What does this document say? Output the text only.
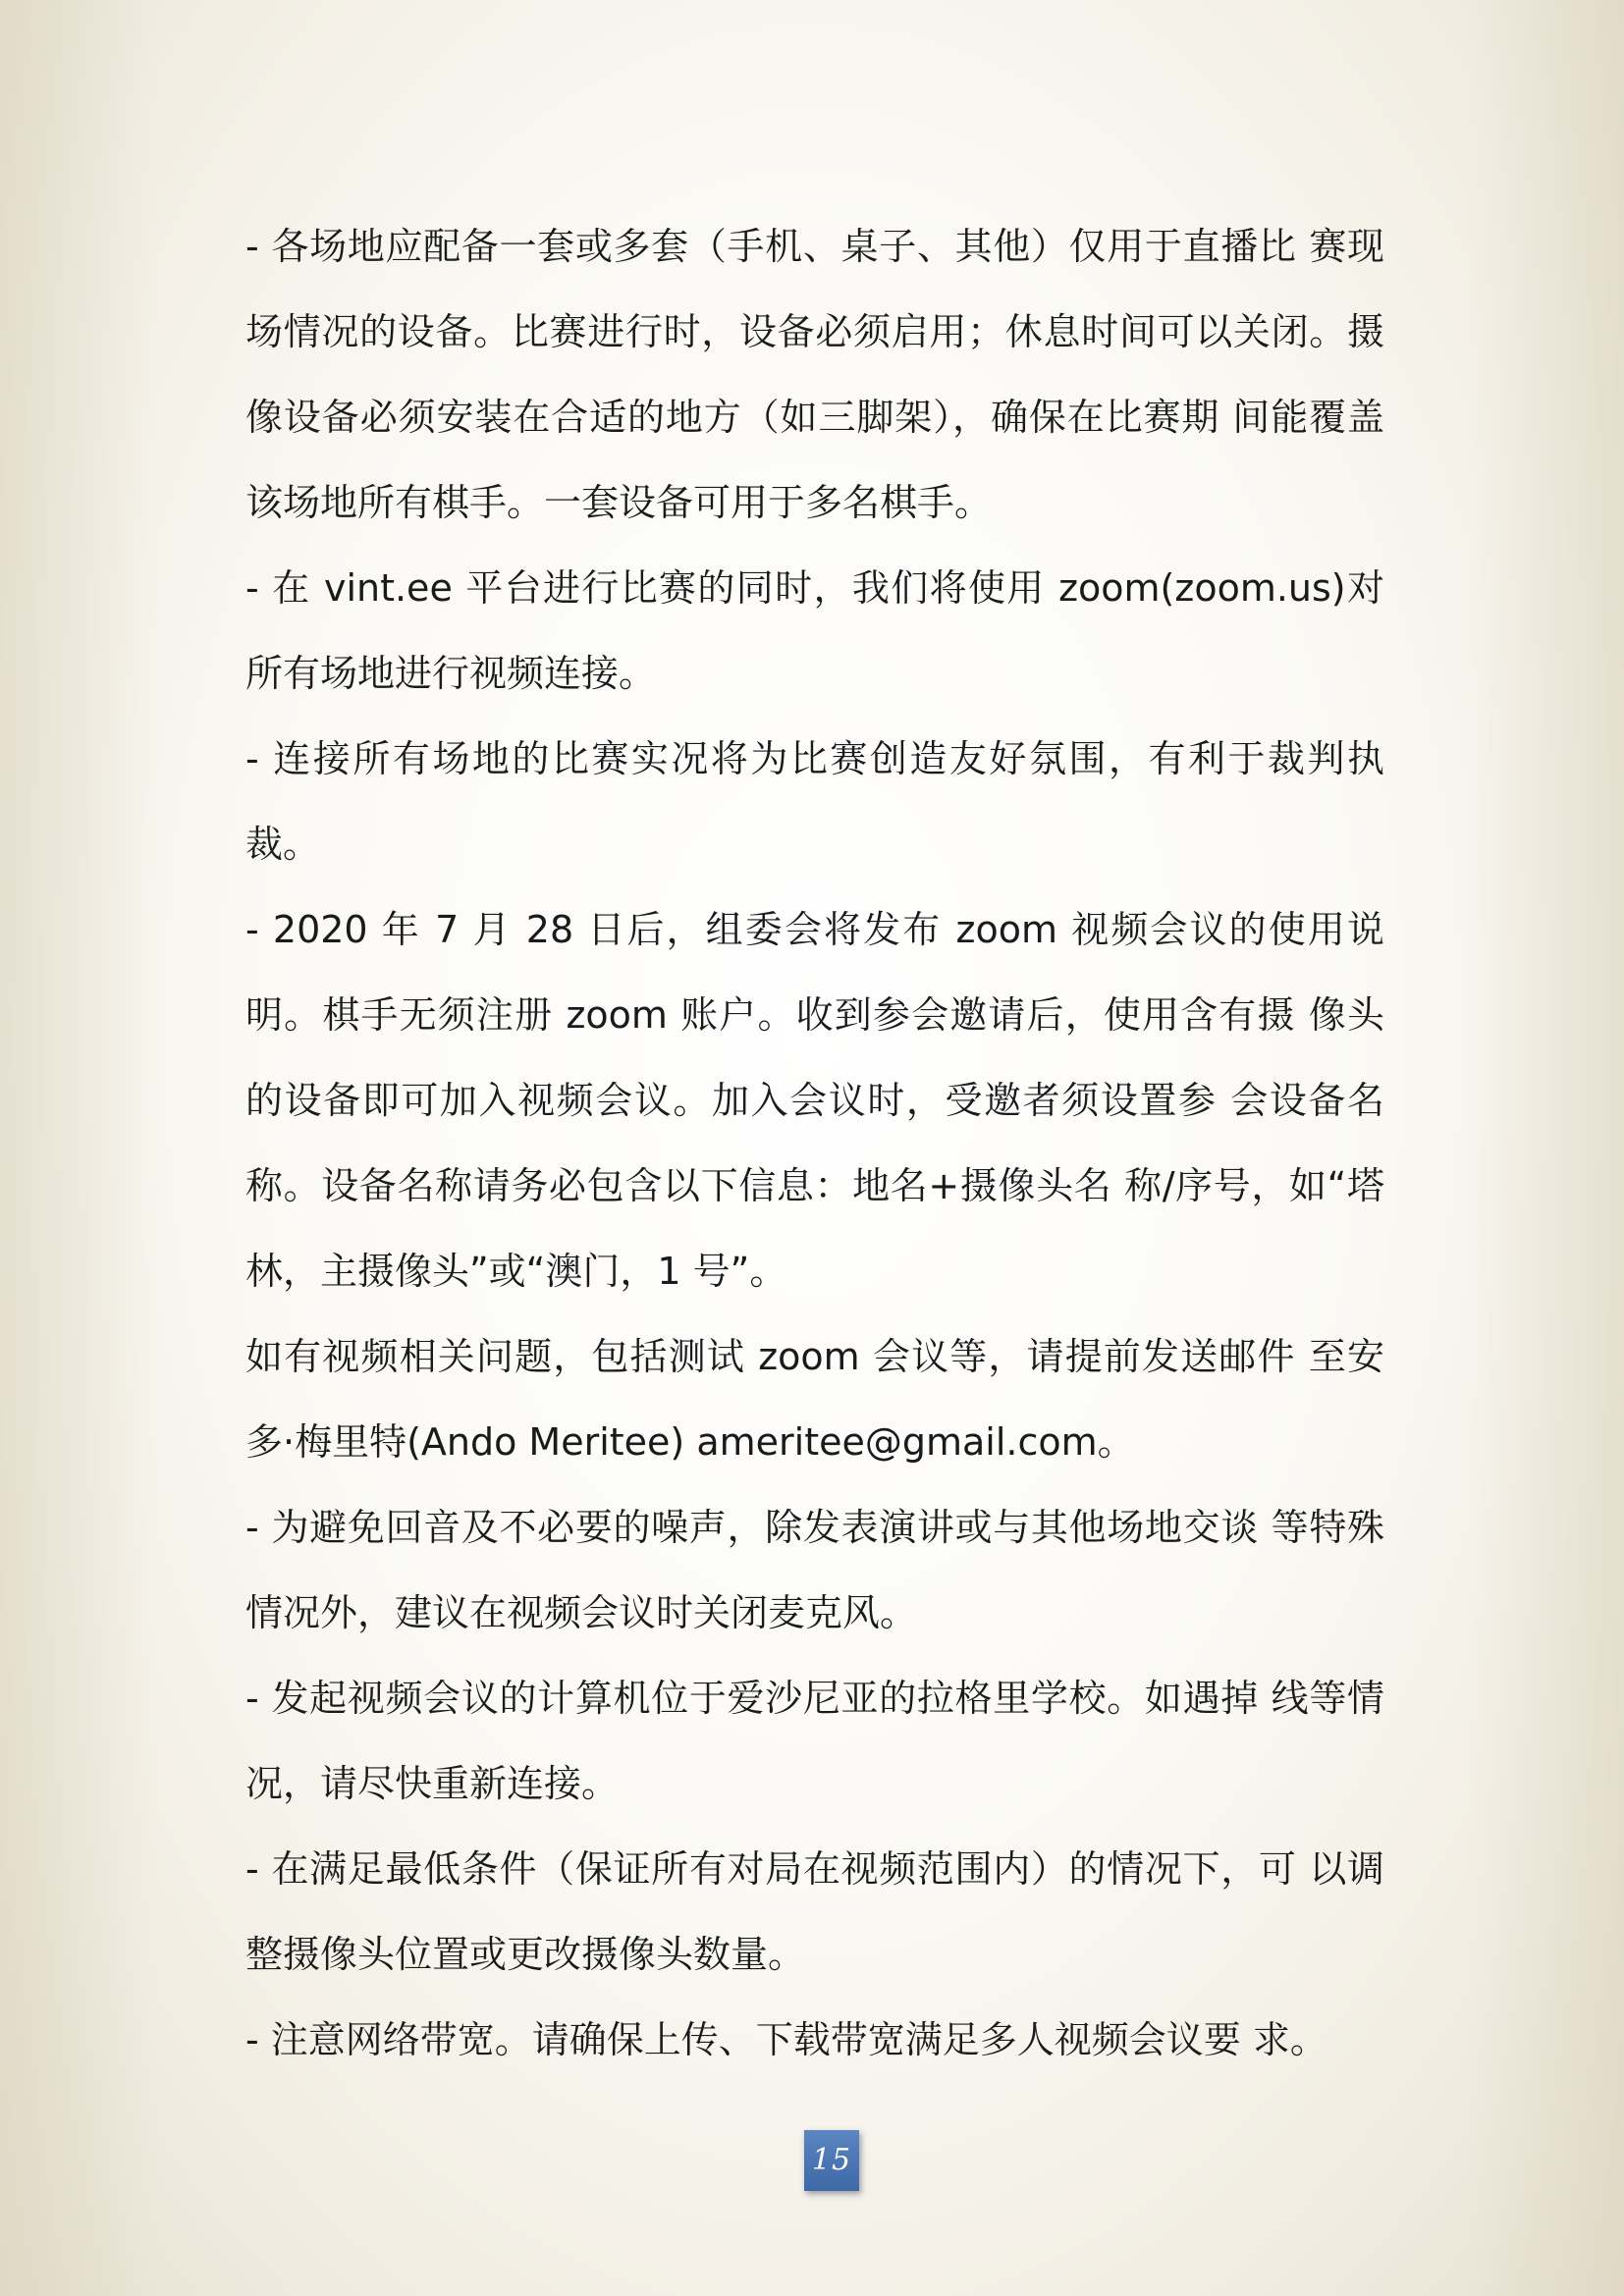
- 各场地应配备一套或多套（手机、桌子、其他）仅用于直播比 赛现场情况的设备。比赛进行时，设备必须启用；休息时间可以关闭。摄像设备必须安装在合适的地方（如三脚架），确保在比赛期 间能覆盖该场地所有棋手。一套设备可用于多名棋手。

- 在 vint.ee 平台进行比赛的同时，我们将使用 zoom(zoom.us)对所有场地进行视频连接。

- 连接所有场地的比赛实况将为比赛创造友好氛围，有利于裁判执裁。

- 2020 年 7 月 28 日后，组委会将发布 zoom 视频会议的使用说明。棋手无须注册 zoom 账户。收到参会邀请后，使用含有摄 像头的设备即可加入视频会议。加入会议时，受邀者须设置参 会设备名称。设备名称请务必包含以下信息：地名+摄像头名 称/序号，如“塔林，主摄像头”或“澳门，1 号”。

如有视频相关问题，包括测试 zoom 会议等，请提前发送邮件 至安多·梅里特(Ando Meritee) ameritee@gmail.com。

- 为避免回音及不必要的噪声，除发表演讲或与其他场地交谈 等特殊情况外，建议在视频会议时关闭麦克风。

- 发起视频会议的计算机位于爱沙尼亚的拉格里学校。如遇掉 线等情况，请尽快重新连接。

- 在满足最低条件（保证所有对局在视频范围内）的情况下，可 以调整摄像头位置或更改摄像头数量。

- 注意网络带宽。请确保上传、下载带宽满足多人视频会议要 求。

15
